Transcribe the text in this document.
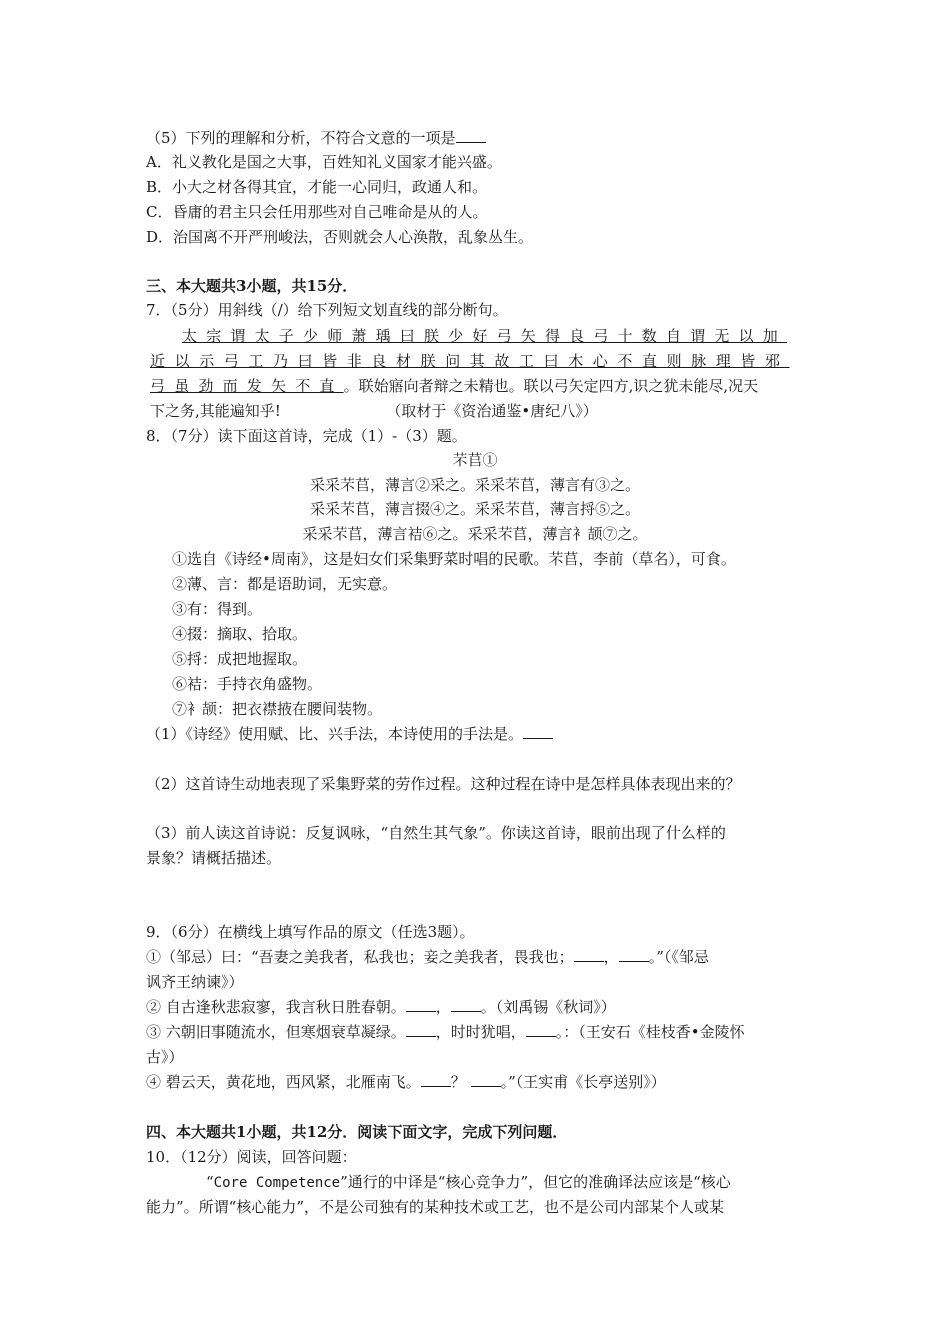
（5）下列的理解和分析，不符合文意的一项是
A．礼义教化是国之大事，百姓知礼义国家才能兴盛。
B．小大之材各得其宜，才能一心同归，政通人和。
C．昏庸的君主只会任用那些对自己唯命是从的人。
D．治国离不开严刑峻法，否则就会人心涣散，乱象丛生。
三、本大题共3小题，共15分．
7．（5分）用斜线（/）给下列短文划直线的部分断句。
太宗谓太子少师萧瑀曰朕少好弓矢得良弓十数自谓无以加
近以示弓工乃曰皆非良材朕问其故工曰木心不直则脉理皆邪
弓虽劲而发矢不直。联始寤向者辩之未精也。联以弓矢定四方,识之犹未能尽,况天
下之务,其能遍知乎!	（取材于《资治通鉴•唐纪八》）
8．（7分）读下面这首诗，完成（1）-（3）题。
芣苢①
采采芣苢，薄言②采之。采采芣苢，薄言有③之。
采采芣苢，薄言掇④之。采采芣苢，薄言捋⑤之。
采采芣苢，薄言袺⑥之。采采芣苢，薄言衤颉⑦之。
①选自《诗经•周南》，这是妇女们采集野菜时唱的民歌。芣苢，李前（草名），可食。
②薄、言：都是语助词，无实意。
③有：得到。
④掇：摘取、拾取。
⑤捋：成把地握取。
⑥袺：手持衣角盛物。
⑦衤颉：把衣襟掖在腰间装物。
（1）《诗经》使用赋、比、兴手法，本诗使用的手法是。
（2）这首诗生动地表现了采集野菜的劳作过程。这种过程在诗中是怎样具体表现出来的？
（3）前人读这首诗说：反复讽咏，“自然生其气象”。你读这首诗，眼前出现了什么样的
景象？请概括描述。
9．（6分）在横线上填写作品的原文（任选3题）。
①（邹忌）曰：“吾妻之美我者，私我也；妾之美我者，畏我也； ， 。”（《邹忌
讽齐王纳谏》）
② 自古逢秋悲寂寥，我言秋日胜春朝。 ， 。（刘禹锡《秋词》）
③ 六朝旧事随流水，但寒烟衰草凝绿。 ，时时犹唱， 。：（王安石《桂枝香•金陵怀
古》）
④ 碧云天，黄花地，西风紧，北雁南飞。 ？ 。”（王实甫《长亭送别》）
四、本大题共1小题，共12分．阅读下面文字，完成下列问题．
10．（12分）阅读，回答问题：
“Core Competence”通行的中译是“核心竞争力”，但它的准确译法应该是“核心
能力”。所谓“核心能力”，不是公司独有的某种技术或工艺，也不是公司内部某个人或某
